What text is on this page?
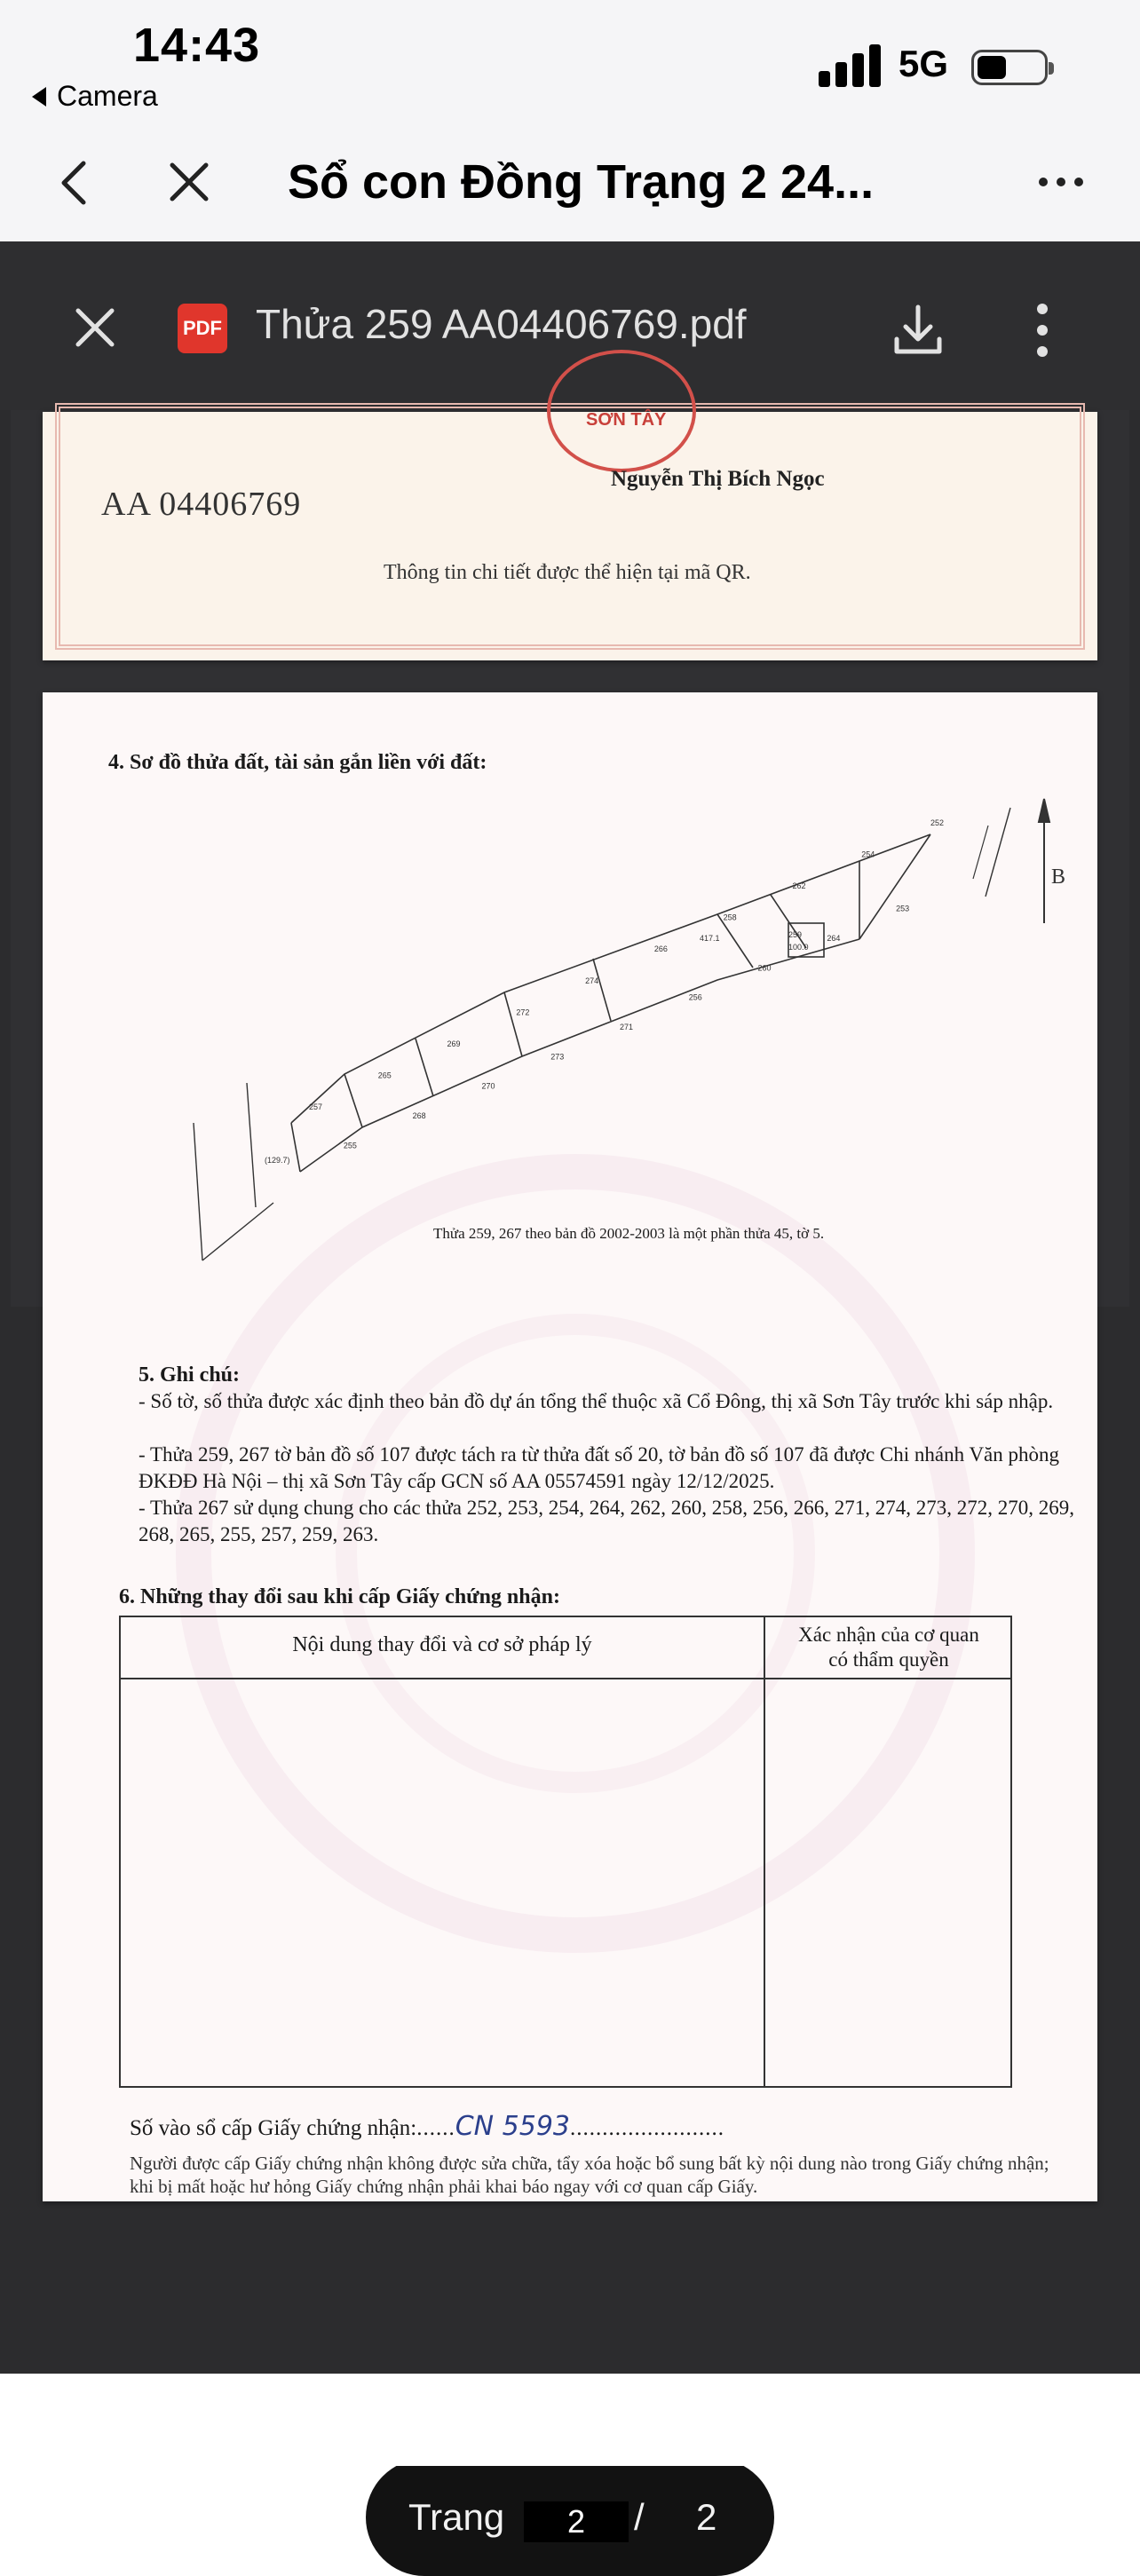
14:43
Camera
5G
Sổ con Đồng Trạng 2 24...
PDF Thửa 259 AA04406769.pdf
SƠN TÂY
AA 04406769
Nguyễn Thị Bích Ngọc
Thông tin chi tiết được thể hiện tại mã QR.
4. Sơ đồ thửa đất, tài sản gắn liền với đất:
B
259
100.0
417.1
(129.7)
252
253
254
264
262
260
258
256
266
271
274
273
272
270
269
268
265
255
257
Thửa 259, 267 theo bản đồ 2002-2003 là một phần thửa 45, tờ 5.
5. Ghi chú:
- Số tờ, số thửa được xác định theo bản đồ dự án tổng thể thuộc xã Cổ Đông, thị xã Sơn Tây trước khi sáp nhập.
- Thửa 259, 267 tờ bản đồ số 107 được tách ra từ thửa đất số 20, tờ bản đồ số 107 đã được Chi nhánh Văn phòng ĐKĐĐ Hà Nội – thị xã Sơn Tây cấp GCN số AA 05574591 ngày 12/12/2025.
- Thửa 267 sử dụng chung cho các thửa 252, 253, 254, 264, 262, 260, 258, 256, 266, 271, 274, 273, 272, 270, 269, 268, 265, 255, 257, 259, 263.
6. Những thay đổi sau khi cấp Giấy chứng nhận:
Nội dung thay đổi và cơ sở pháp lý	Xác nhận của cơ quan
có thẩm quyền
Số vào sổ cấp Giấy chứng nhận:......CN 5593........................
Người được cấp Giấy chứng nhận không được sửa chữa, tẩy xóa hoặc bổ sung bất kỳ nội dung nào trong Giấy chứng nhận; khi bị mất hoặc hư hỏng Giấy chứng nhận phải khai báo ngay với cơ quan cấp Giấy.
Trang	2	/ 2
